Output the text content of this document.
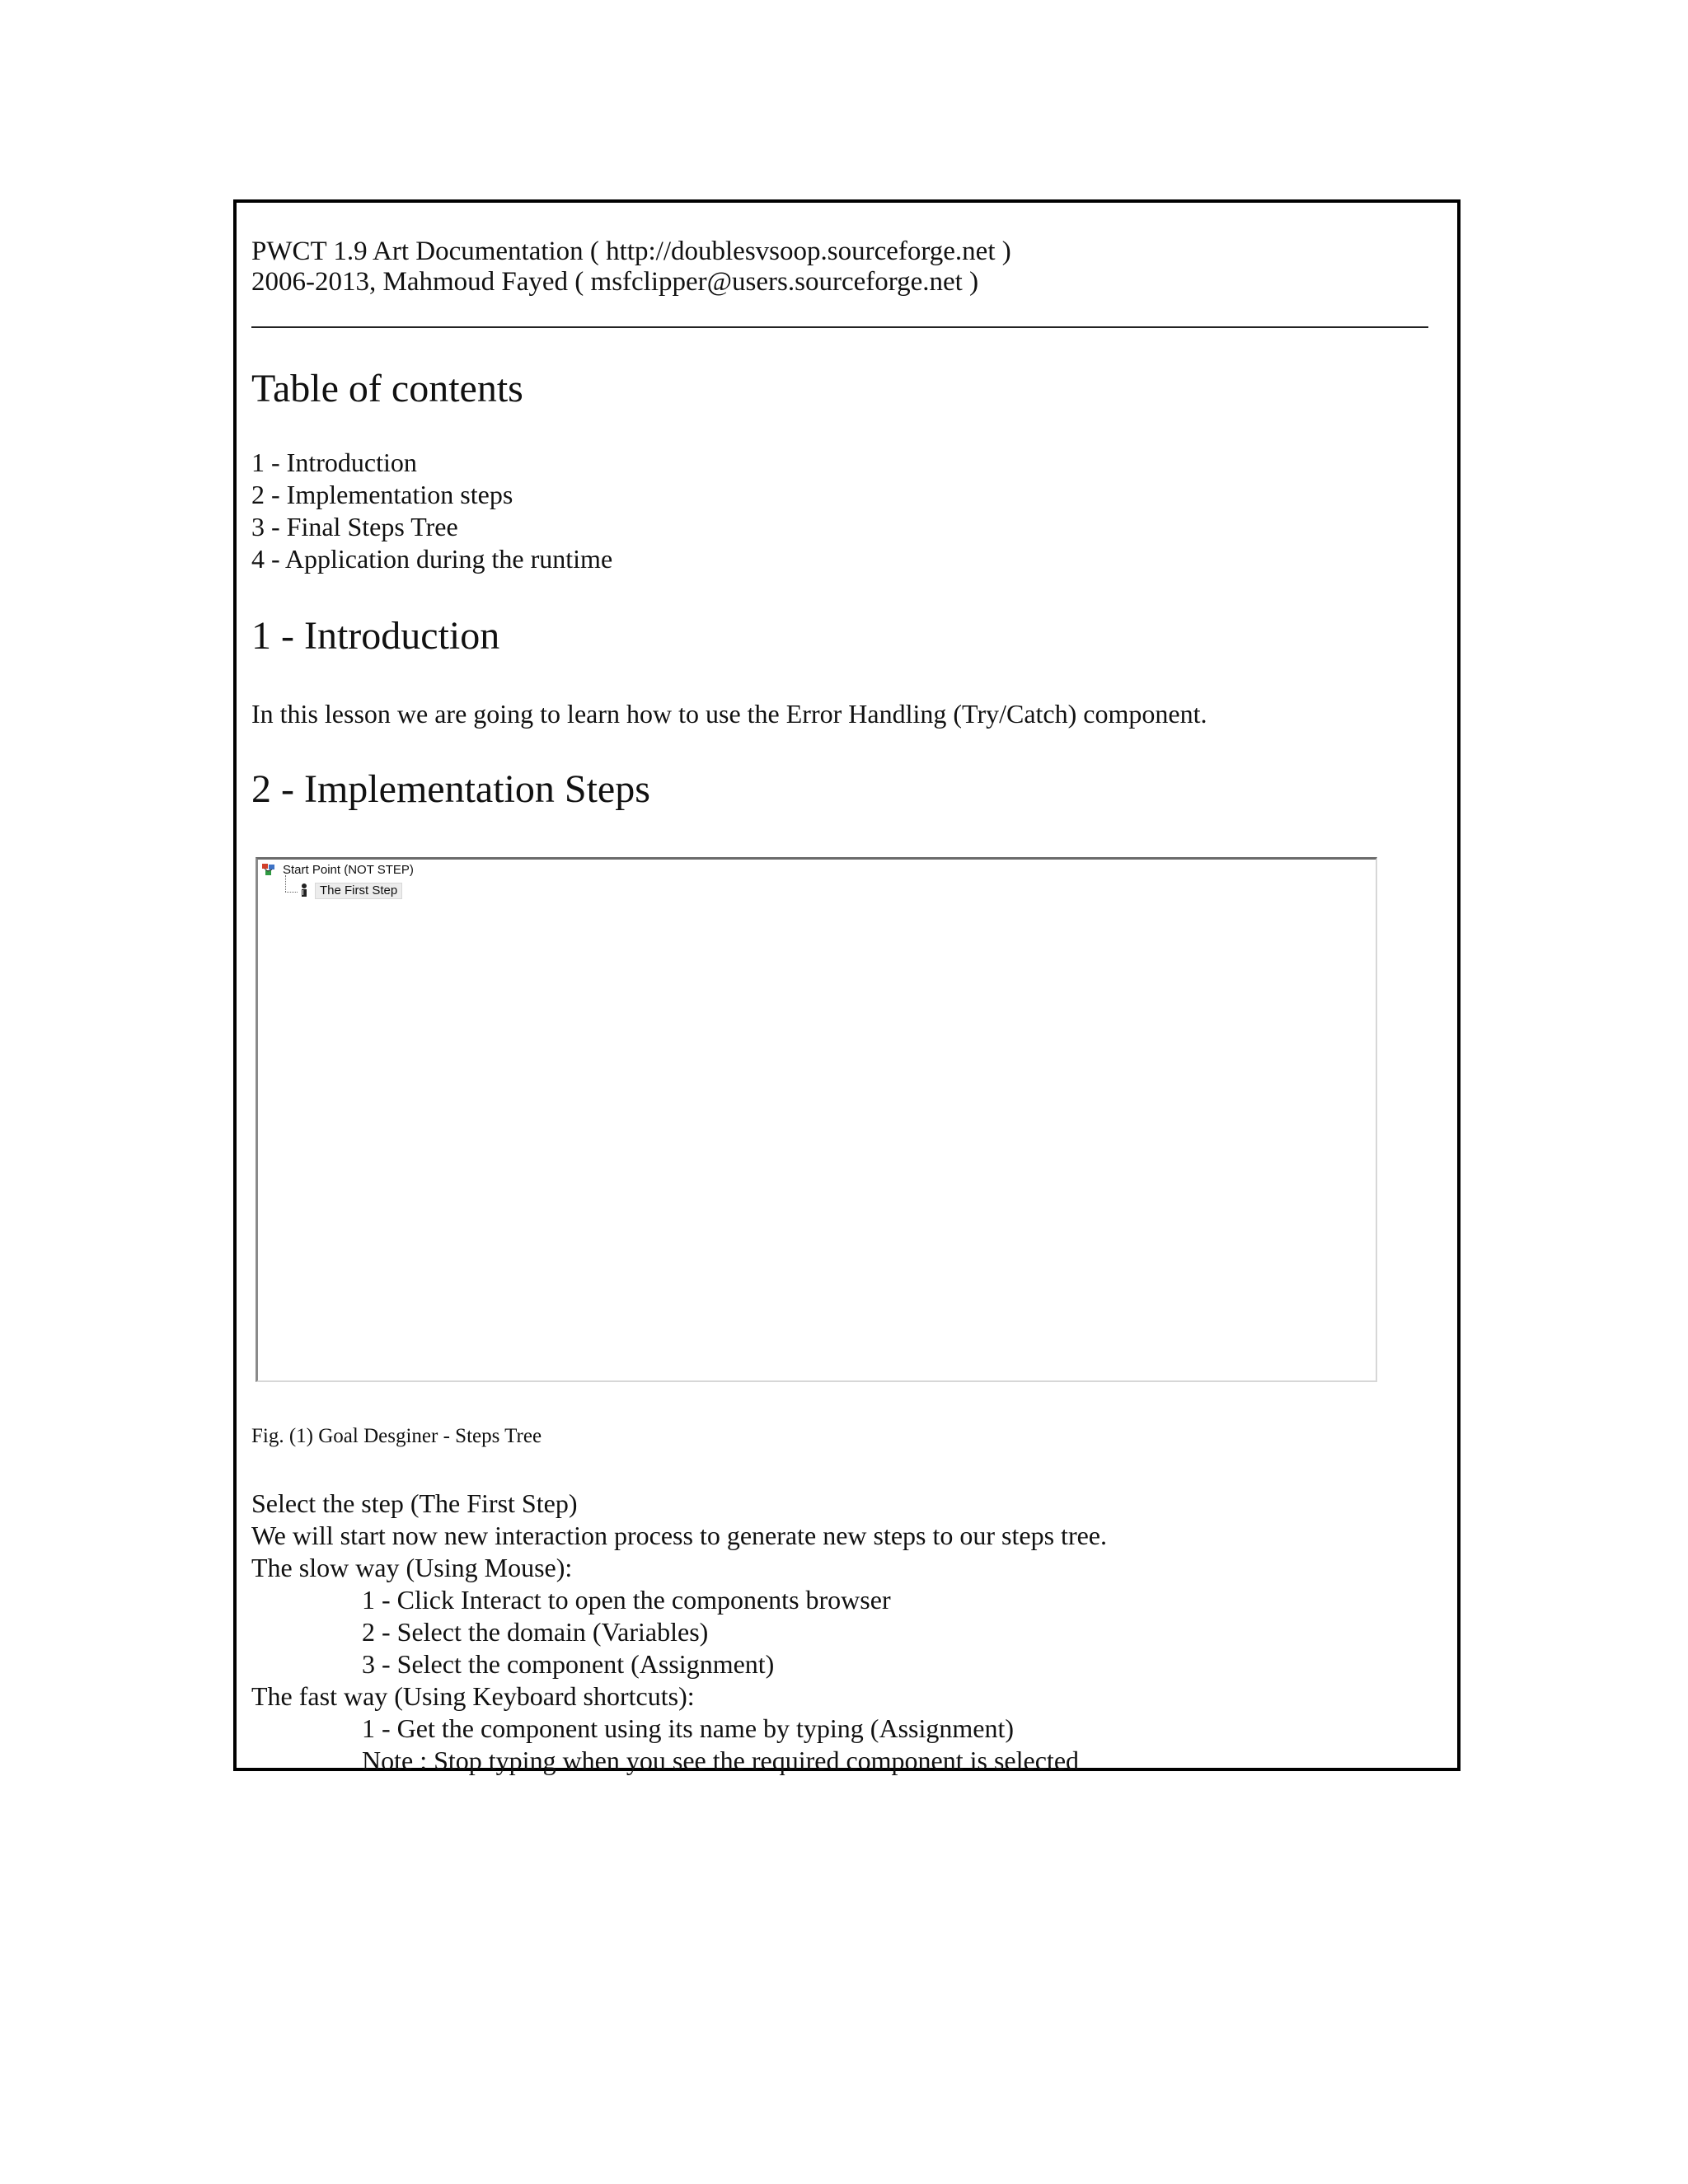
PWCT 1.9 Art Documentation ( http://doublesvsoop.sourceforge.net )
2006-2013, Mahmoud Fayed ( msfclipper@users.sourceforge.net )
Table of contents
1 - Introduction
2 - Implementation steps
3 - Final Steps Tree
4 - Application during the runtime
1 - Introduction
In this lesson we are going to learn how to use the Error Handling (Try/Catch) component.
2 - Implementation Steps
Start Point (NOT STEP)
The First Step
Fig. (1) Goal Desginer - Steps Tree
Select the step (The First Step)
We will start now new interaction process to generate new steps to our steps tree.
The slow way (Using Mouse):
1 - Click Interact to open the components browser
2 - Select the domain (Variables)
3 - Select the component (Assignment)
The fast way (Using Keyboard shortcuts):
1 - Get the component using its name by typing (Assignment)
Note : Stop typing when you see the required component is selected
